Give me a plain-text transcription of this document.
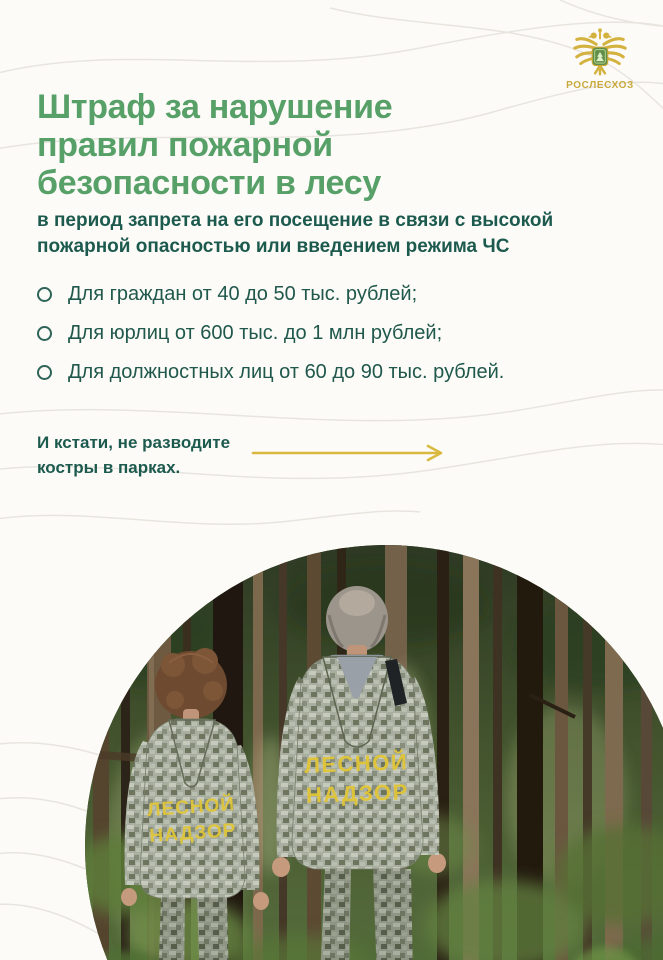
РОСЛЕСХОЗ
Штраф за нарушение
правил пожарной
безопасности в лесу
в период запрета на его посещение в связи с высокой
пожарной опасностью или введением режима ЧС
Для граждан от 40 до 50 тыс. рублей;
Для юрлиц от 600 тыс. до 1 млн рублей;
Для должностных лиц от 60 до 90 тыс. рублей.
И кстати, не разводите
костры в парках.
ЛЕСНОЙ
НАДЗОР
ЛЕСНОЙ
НАДЗОР
